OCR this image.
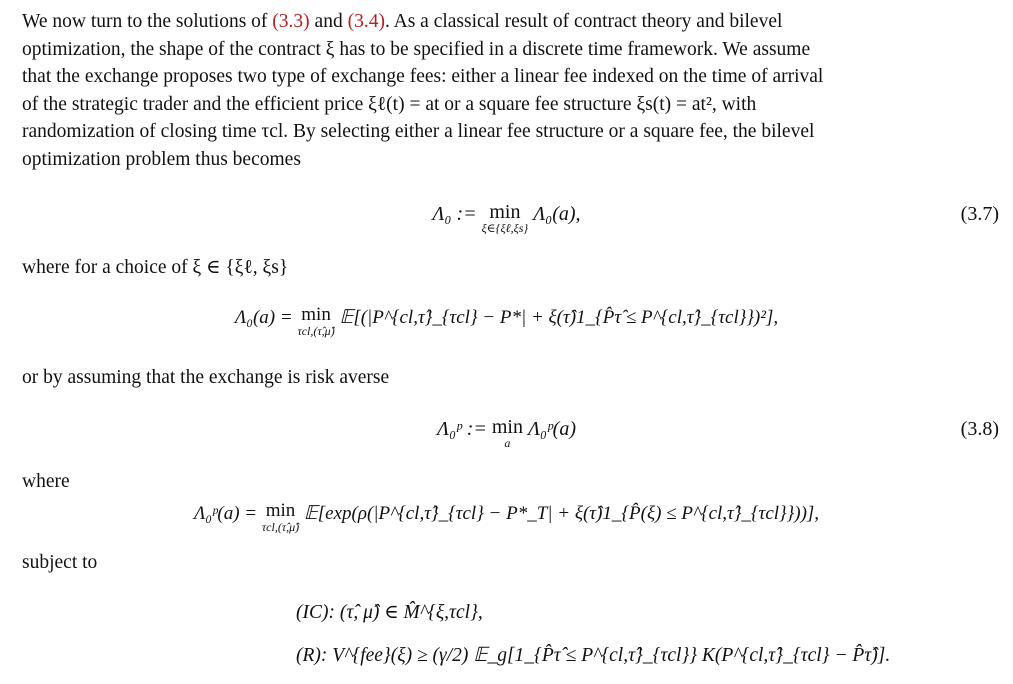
We now turn to the solutions of (3.3) and (3.4). As a classical result of contract theory and bilevel
optimization, the shape of the contract ξ has to be specified in a discrete time framework. We assume
that the exchange proposes two type of exchange fees: either a linear fee indexed on the time of arrival
of the strategic trader and the efficient price ξℓ(t) = at or a square fee structure ξs(t) = at², with
randomization of closing time τcl. By selecting either a linear fee structure or a square fee, the bilevel
optimization problem thus becomes
Λ₀ := min
ξ∈{ξℓ,ξs}
Λ₀(a),	(3.7)
where for a choice of ξ ∈ {ξℓ, ξs}
Λ₀(a) = min
τcl,(τ̂,μ̂)
𝔼[(|P^{cl,τ̂}_{τcl} − P*| + ξ(τ̂)1_{P̂τ̂ ≤ P^{cl,τ̂}_{τcl}})²],
or by assuming that the exchange is risk averse
Λ₀ᵖ := min
a
Λ₀ᵖ(a)	(3.8)
where
Λ₀ᵖ(a) = min
τcl,(τ̂,μ̂)
𝔼[exp(ρ(|P^{cl,τ̂}_{τcl} − P*_T| + ξ(τ̂)1_{P̂(ξ) ≤ P^{cl,τ̂}_{τcl}}))],
subject to
(IC): (τ̂, μ̂) ∈ M̂^{ξ,τcl},
(R): V^{fee}(ξ) ≥ (γ/2) 𝔼_g[1_{P̂τ̂ ≤ P^{cl,τ̂}_{τcl}} K(P^{cl,τ̂}_{τcl} − P̂τ̂)].
